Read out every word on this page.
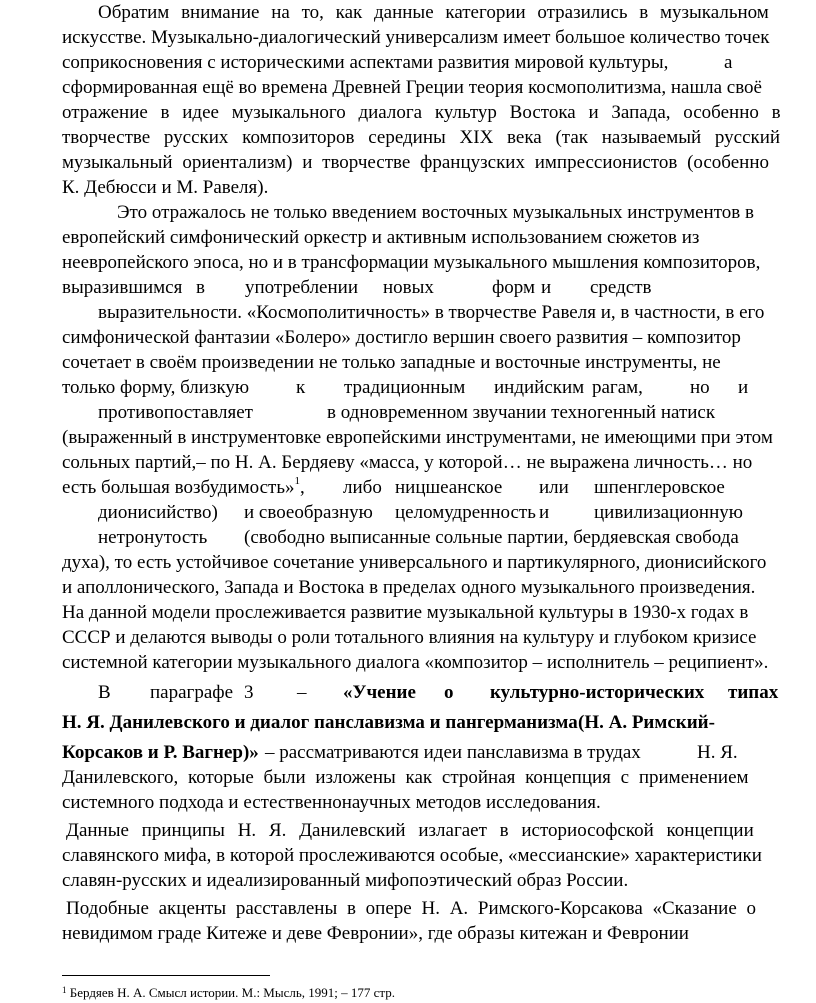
Обратим внимание на то, как данные категории отразились в музыкальном
искусстве. Музыкально-диалогический универсализм имеет большое количество точек
соприкосновения с историческими аспектами развития мировой культуры,	а
сформированная ещё во времена Древней Греции теория космополитизма, нашла своё
отражение в идее музыкального диалога культур Востока и Запада, особенно в
творчестве русских композиторов середины XIX века (так называемый русский
музыкальный ориентализм) и творчестве французских импрессионистов (особенно
К. Дебюсси и М. Равеля).
Это отражалось не только введением восточных музыкальных инструментов в
европейский симфонический оркестр и активным использованием сюжетов из
неевропейского эпоса, но и в трансформации музыкального мышления композиторов,
выразившимся в употреблении новых	форм и средств
выразительности. «Космополитичность» в творчестве Равеля и, в частности, в его
симфонической фантазии «Болеро» достигло вершин своего развития – композитор
сочетает в своём произведении не только западные и восточные инструменты, не
только форму, близкую к традиционным индийским рагам, но и
противопоставляет	в одновременном звучании техногенный натиск
(выраженный в инструментовке европейскими инструментами, не имеющими при этом
сольных партий,– по Н. А. Бердяеву «масса, у которой… не выражена личность… но
есть большая возбудимость»$^1$, либо ницшеанское или шпенглеровское
дионисийство) и своеобразную целомудренность и цивилизационную
нетронутость (свободно выписанные сольные партии, бердяевская свобода
духа), то есть устойчивое сочетание универсального и партикулярного, дионисийского
и аполлонического, Запада и Востока в пределах одного музыкального произведения.
На данной модели прослеживается развитие музыкальной культуры в 1930-х годах в
СССР и делаются выводы о роли тотального влияния на культуру и глубоком кризисе
системной категории музыкального диалога «композитор – исполнитель – реципиент».
В параграфе 3 – «Учение о культурно-исторических типах
Н. Я. Данилевского и диалог панславизма и пангерманизма (Н. А. Римский-
Корсаков и Р. Вагнер)» – рассматриваются идеи панславизма в трудах	Н. Я.
Данилевского, которые были изложены как стройная концепция с применением
системного подхода и естественнонаучных методов исследования.
Данные принципы Н. Я. Данилевский излагает в историософской концепции
славянского мифа, в которой прослеживаются особые, «мессианские» характеристики
славян-русских и идеализированный мифопоэтический образ России.
Подобные акценты расставлены в опере Н. А. Римского-Корсакова «Сказание о
невидимом граде Китеже и деве Февронии», где образы китежан и Февронии
$^1$ Бердяев Н. А. Смысл истории. М.: Мысль, 1991; – 177 стр.
